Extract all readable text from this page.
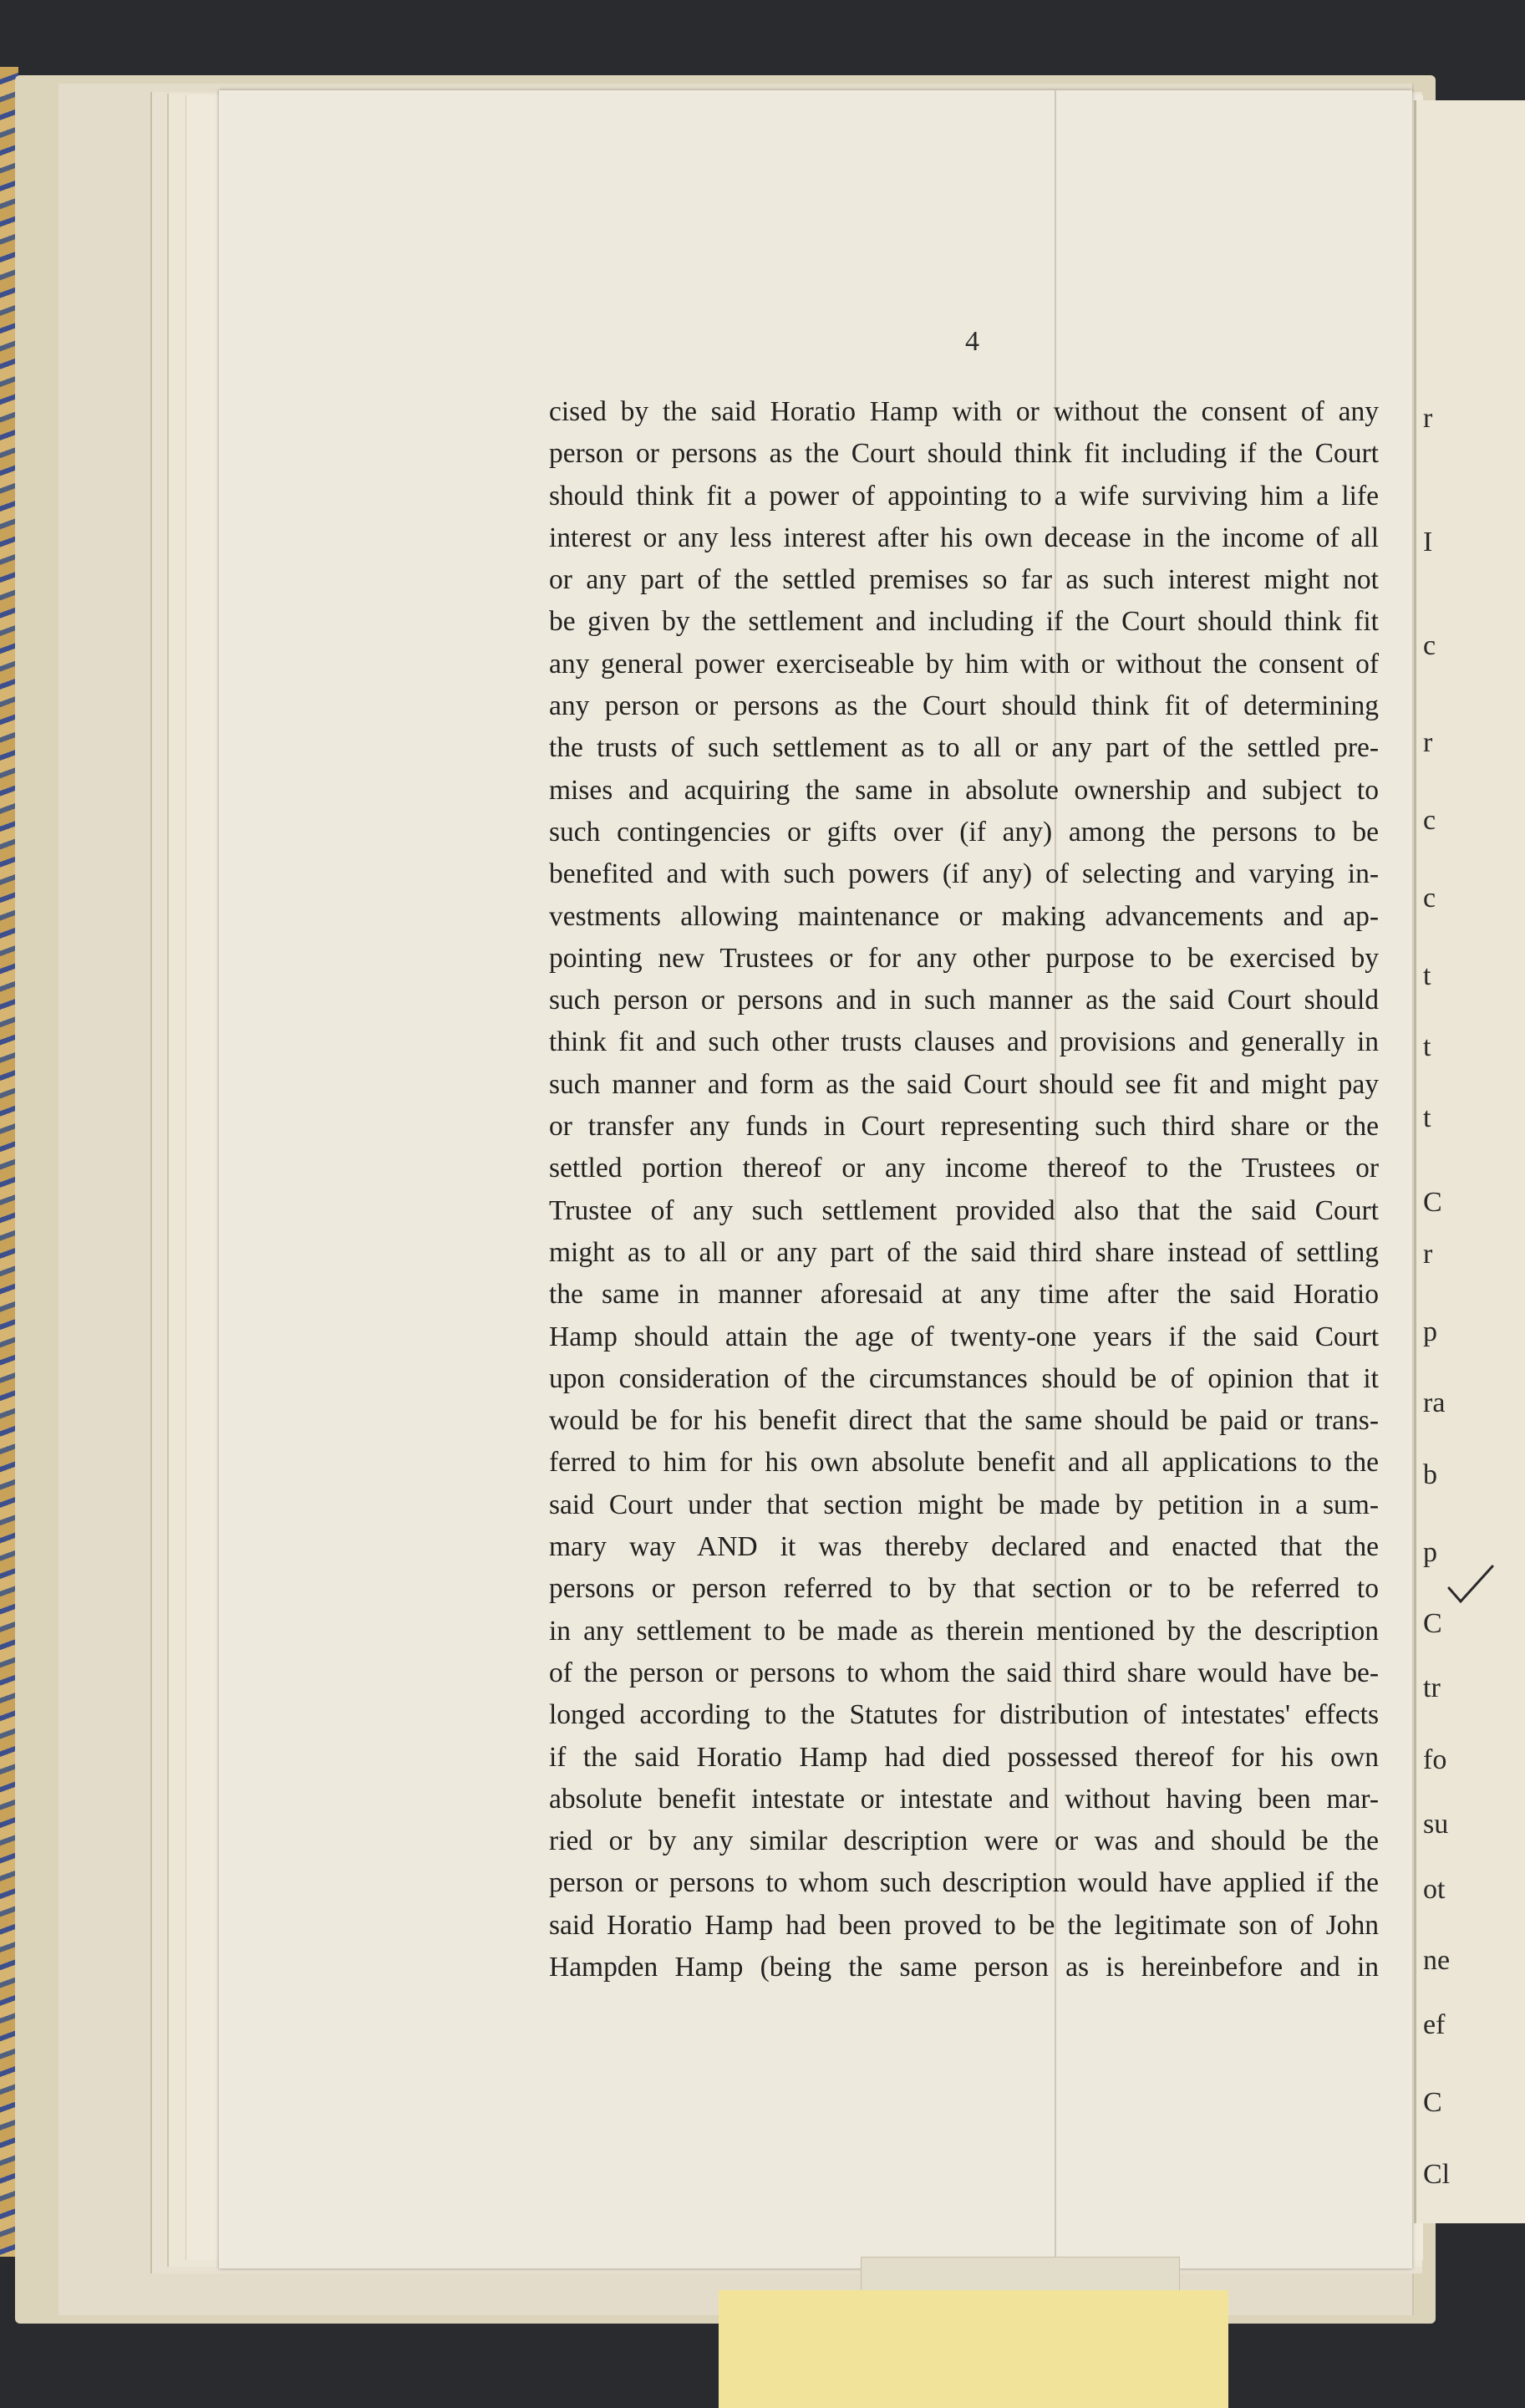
4
cised by the said Horatio Hamp with or without the consent of any
person or persons as the Court should think fit including if the Court
should think fit a power of appointing to a wife surviving him a life
interest or any less interest after his own decease in the income of all
or any part of the settled premises so far as such interest might not
be given by the settlement and including if the Court should think fit
any general power exerciseable by him with or without the consent of
any person or persons as the Court should think fit of determining
the trusts of such settlement as to all or any part of the settled pre-
mises and acquiring the same in absolute ownership and subject to
such contingencies or gifts over (if any) among the persons to be
benefited and with such powers (if any) of selecting and varying in-
vestments allowing maintenance or making advancements and ap-
pointing new Trustees or for any other purpose to be exercised by
such person or persons and in such manner as the said Court should
think fit and such other trusts clauses and provisions and generally in
such manner and form as the said Court should see fit and might pay
or transfer any funds in Court representing such third share or the
settled portion thereof or any income thereof to the Trustees or
Trustee of any such settlement provided also that the said Court
might as to all or any part of the said third share instead of settling
the same in manner aforesaid at any time after the said Horatio
Hamp should attain the age of twenty-one years if the said Court
upon consideration of the circumstances should be of opinion that it
would be for his benefit direct that the same should be paid or trans-
ferred to him for his own absolute benefit and all applications to the
said Court under that section might be made by petition in a sum-
mary way AND it was thereby declared and enacted that the
persons or person referred to by that section or to be referred to
in any settlement to be made as therein mentioned by the description
of the person or persons to whom the said third share would have be-
longed according to the Statutes for distribution of intestates' effects
if the said Horatio Hamp had died possessed thereof for his own
absolute benefit intestate or intestate and without having been mar-
ried or by any similar description were or was and should be the
person or persons to whom such description would have applied if the
said Horatio Hamp had been proved to be the legitimate son of John
Hampden Hamp (being the same person as is hereinbefore and in
r
I
c
r
c
c
t
t
t
C
r
p
ra
b
p
C
tr
fo
su
ot
ne
ef
C
Cl
